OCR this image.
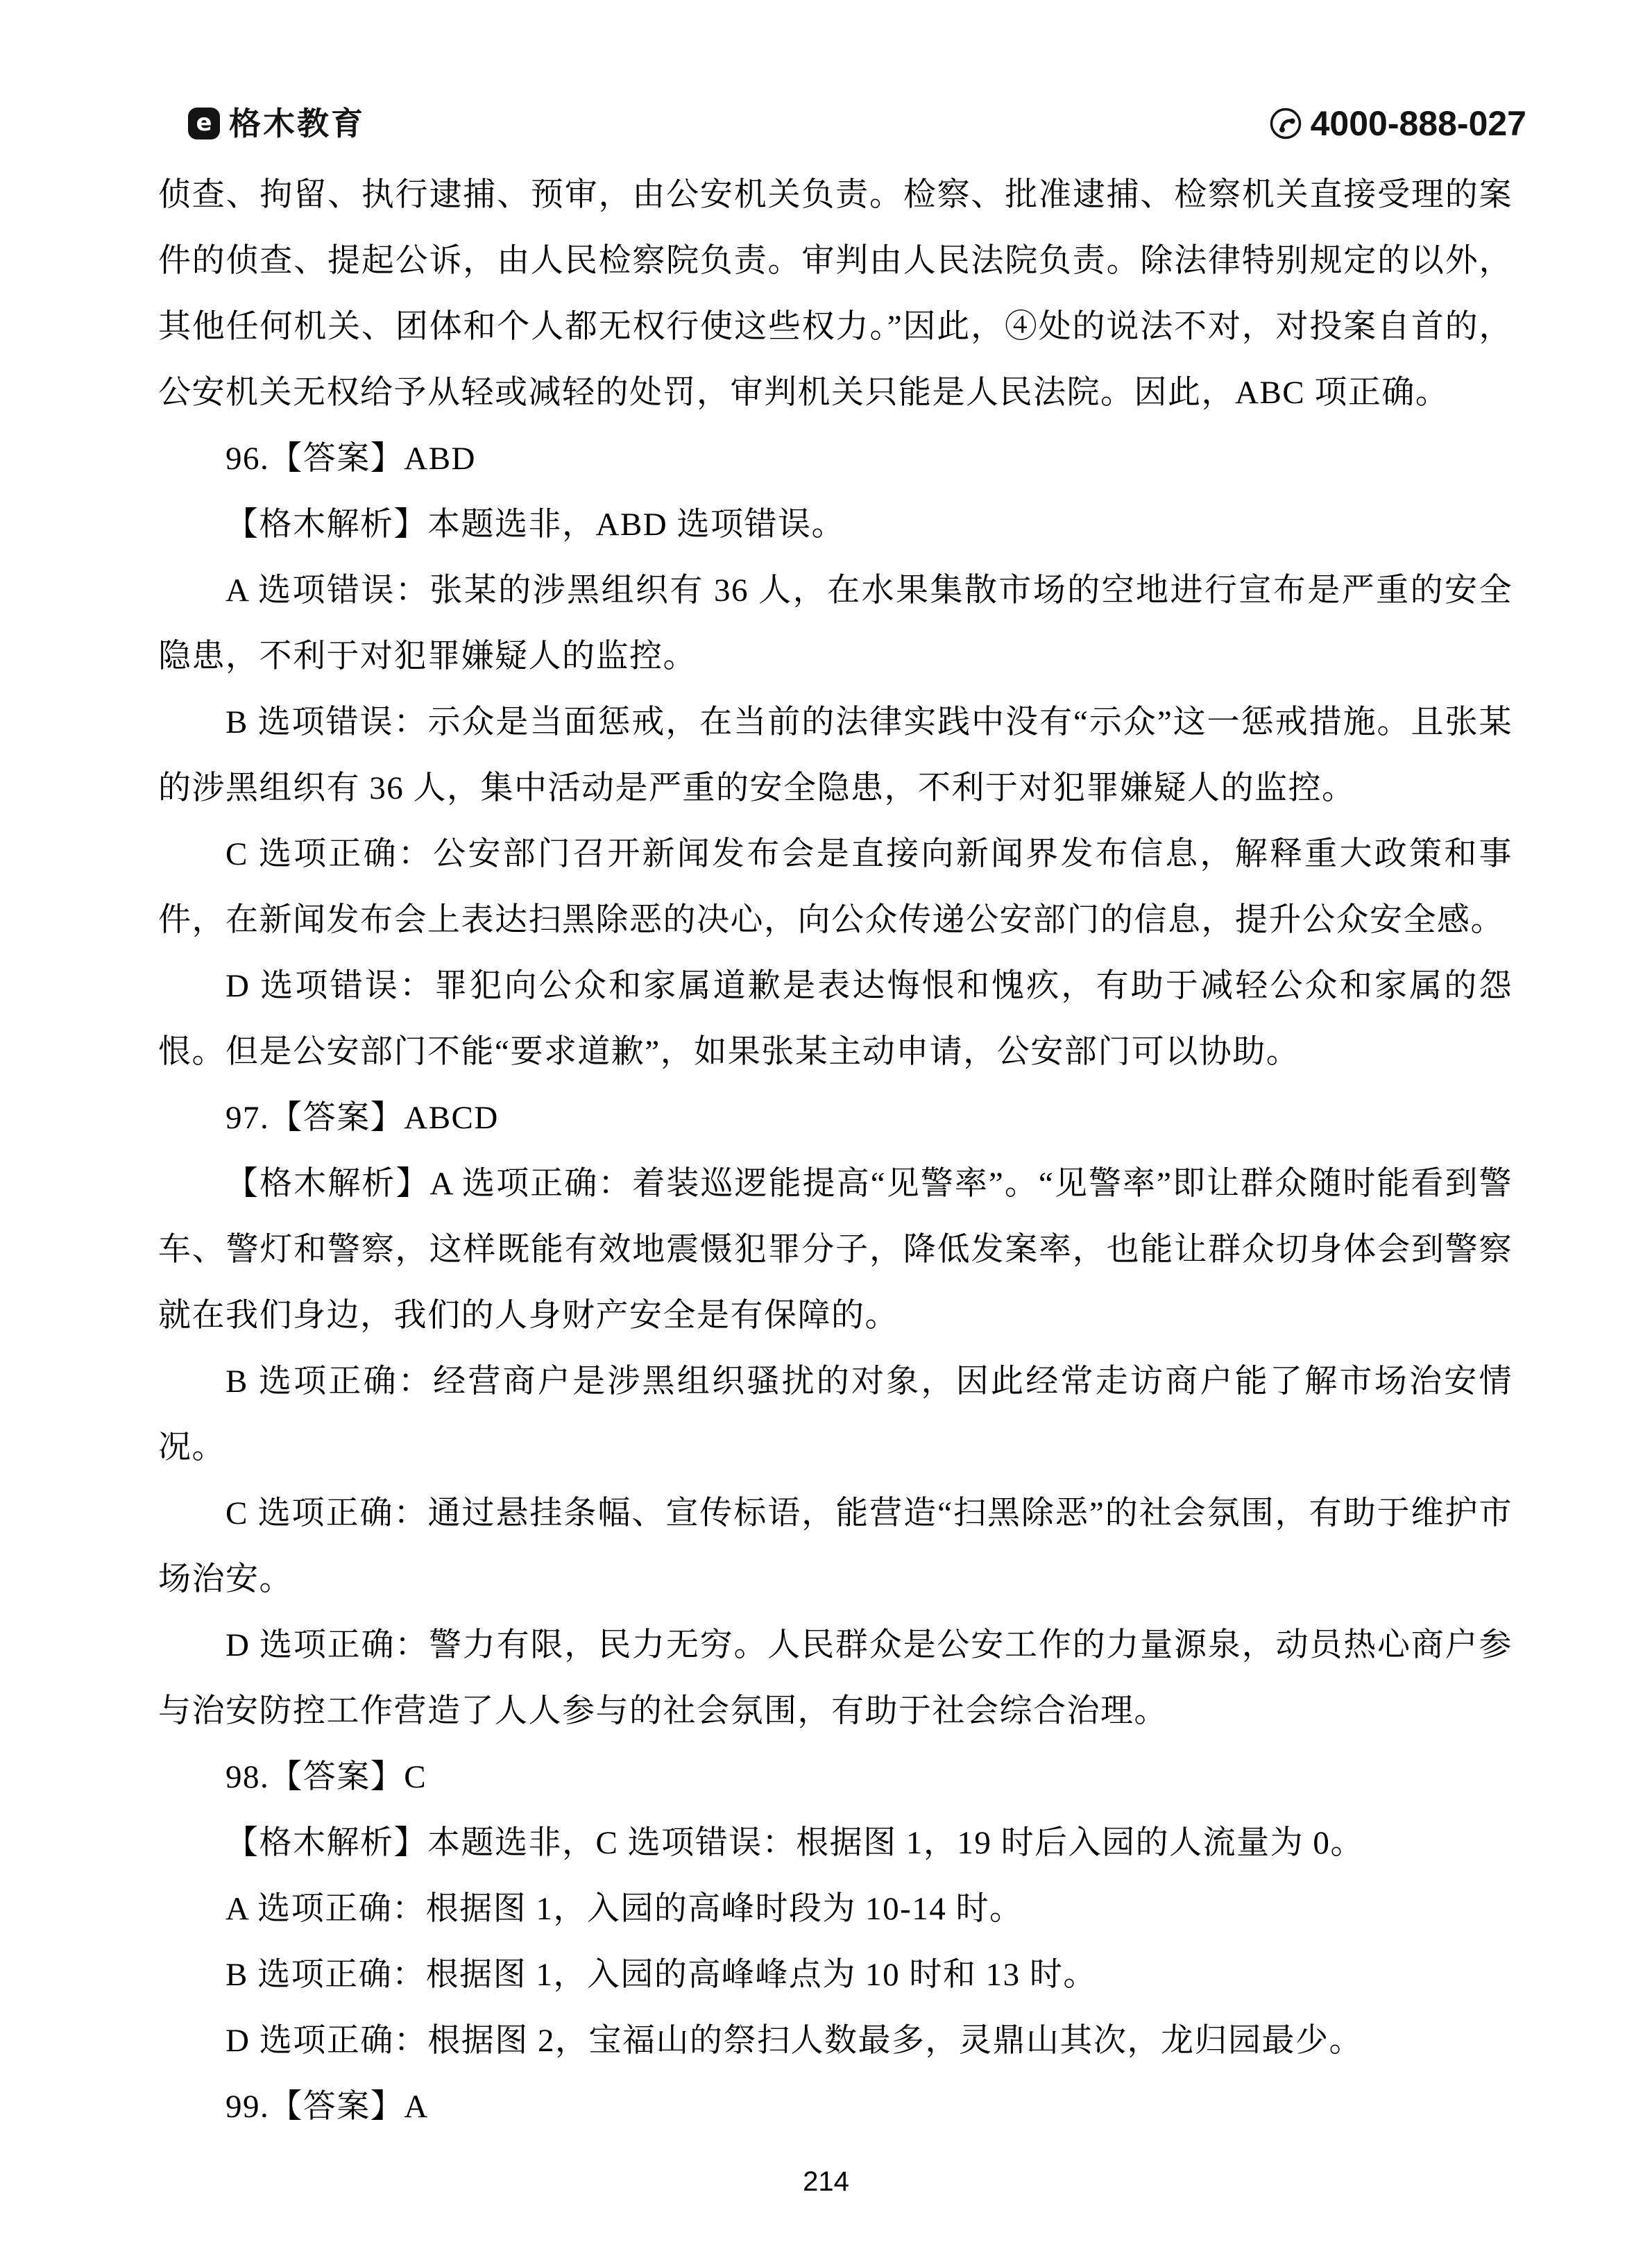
e 格木教育	4000-888-027

侦查、拘留、执行逮捕、预审，由公安机关负责。检察、批准逮捕、检察机关直接受理的案件的侦查、提起公诉，由人民检察院负责。审判由人民法院负责。除法律特别规定的以外，其他任何机关、团体和个人都无权行使这些权力。”因此，④处的说法不对，对投案自首的，公安机关无权给予从轻或减轻的处罚，审判机关只能是人民法院。因此，ABC 项正确。

96.【答案】ABD

【格木解析】本题选非，ABD 选项错误。

A 选项错误：张某的涉黑组织有 36 人，在水果集散市场的空地进行宣布是严重的安全隐患，不利于对犯罪嫌疑人的监控。

B 选项错误：示众是当面惩戒，在当前的法律实践中没有“示众”这一惩戒措施。且张某的涉黑组织有 36 人，集中活动是严重的安全隐患，不利于对犯罪嫌疑人的监控。

C 选项正确：公安部门召开新闻发布会是直接向新闻界发布信息，解释重大政策和事件，在新闻发布会上表达扫黑除恶的决心，向公众传递公安部门的信息，提升公众安全感。

D 选项错误：罪犯向公众和家属道歉是表达悔恨和愧疚，有助于减轻公众和家属的怨恨。但是公安部门不能“要求道歉”，如果张某主动申请，公安部门可以协助。

97.【答案】ABCD

【格木解析】A 选项正确：着装巡逻能提高“见警率”。“见警率”即让群众随时能看到警车、警灯和警察，这样既能有效地震慑犯罪分子，降低发案率，也能让群众切身体会到警察就在我们身边，我们的人身财产安全是有保障的。

B 选项正确：经营商户是涉黑组织骚扰的对象，因此经常走访商户能了解市场治安情况。

C 选项正确：通过悬挂条幅、宣传标语，能营造“扫黑除恶”的社会氛围，有助于维护市场治安。

D 选项正确：警力有限，民力无穷。人民群众是公安工作的力量源泉，动员热心商户参与治安防控工作营造了人人参与的社会氛围，有助于社会综合治理。

98.【答案】C

【格木解析】本题选非，C 选项错误：根据图 1，19 时后入园的人流量为 0。

A 选项正确：根据图 1，入园的高峰时段为 10-14 时。

B 选项正确：根据图 1，入园的高峰峰点为 10 时和 13 时。

D 选项正确：根据图 2，宝福山的祭扫人数最多，灵鼎山其次，龙归园最少。

99.【答案】A

214
